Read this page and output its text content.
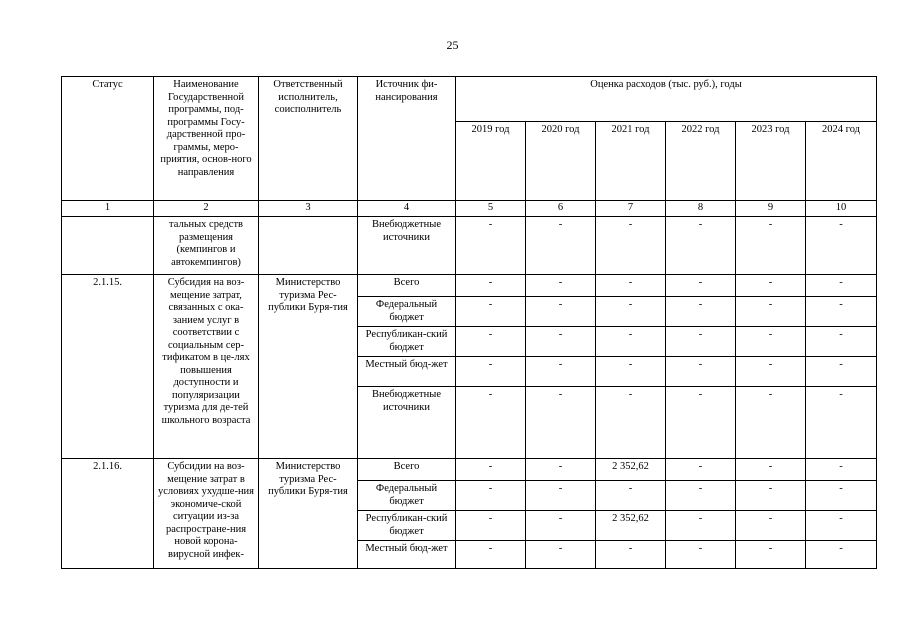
25
Статус	Наименование Государственной программы, под-программы Госу-дарственной про-граммы, меро-приятия, основ-ного направления	Ответственный исполнитель, соисполнитель	Источник фи-нансирования	Оценка расходов (тыс. руб.), годы					
				2019 год	2020 год	2021 год	2022 год	2023 год	2024 год
1	2	3	4	5	6	7	8	9	10
	тальных средств размещения (кемпингов и автокемпингов)		Внебюджетные источники	-	-	-	-	-	-
2.1.15.	Субсидия на воз-мещение затрат, связанных с ока-занием услуг в соответствии с социальным сер-тификатом в це-лях повышения доступности и популяризации туризма для де-тей школьного возраста	Министерство туризма Рес-публики Буря-тия	Всего	-	-	-	-	-	-
			Федеральный бюджет	-	-	-	-	-	-
			Республикан-ский бюджет	-	-	-	-	-	-
			Местный бюд-жет	-	-	-	-	-	-
			Внебюджетные источники	-	-	-	-	-	-
2.1.16.	Субсидии на воз-мещение затрат в условиях ухудше-ния экономиче-ской ситуации из-за распростране-ния новой корона-вирусной инфек-	Министерство туризма Рес-публики Буря-тия	Всего	-	-	2 352,62	-	-	-
			Федеральный бюджет	-	-	-	-	-	-
			Республикан-ский бюджет	-	-	2 352,62	-	-	-
			Местный бюд-жет	-	-	-	-	-	-
